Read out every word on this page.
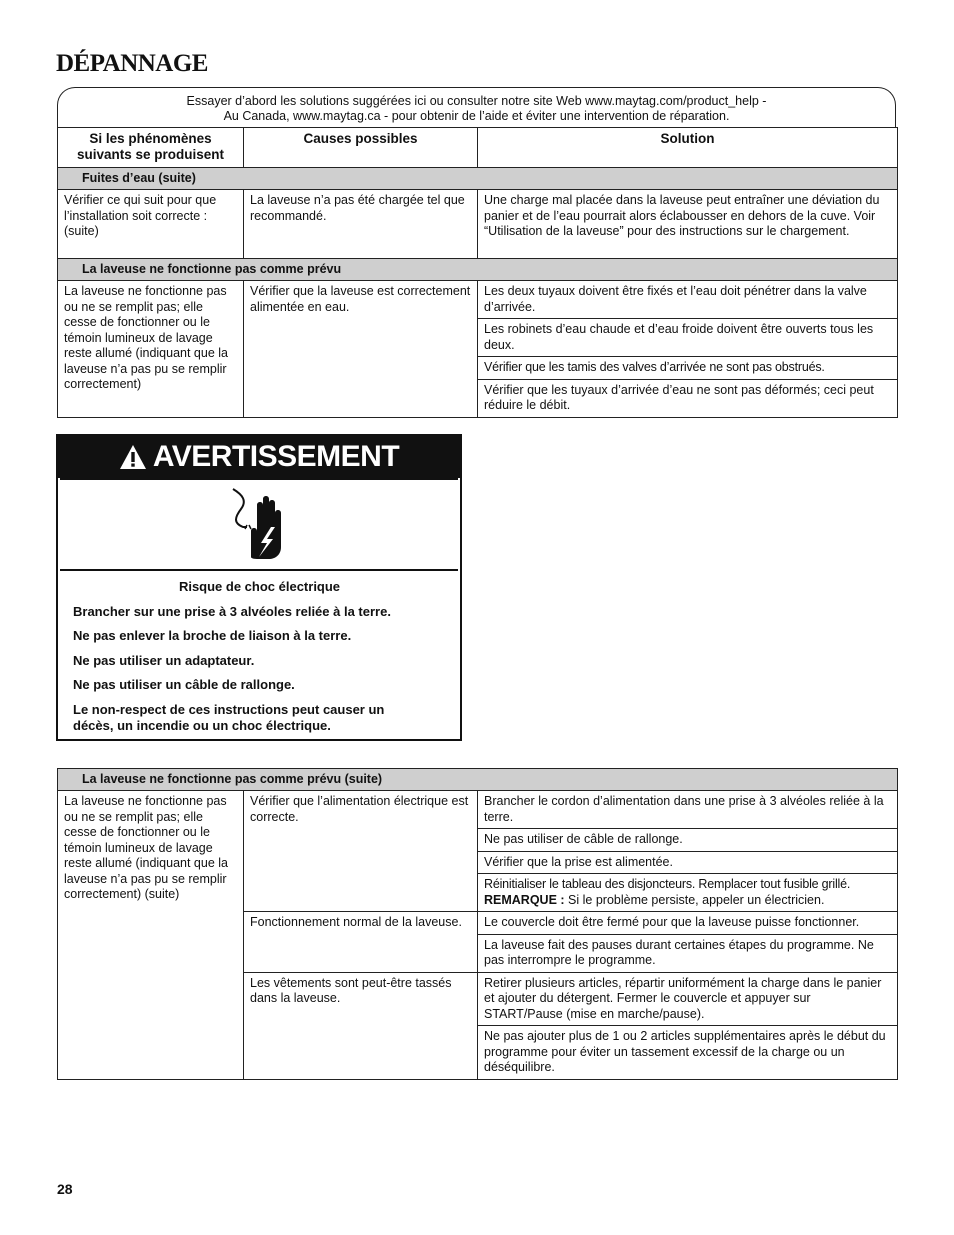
DÉPANNAGE
Essayer d’abord les solutions suggérées ici ou consulter notre site Web www.maytag.com/product_help -
Au Canada, www.maytag.ca - pour obtenir de l’aide et éviter une intervention de réparation.
Si les phénomènes
suivants se produisent	Causes possibles	Solution
Fuites d’eau (suite)		
Vérifier ce qui suit pour que l’installation soit correcte : (suite)	La laveuse n’a pas été chargée tel que recommandé.	Une charge mal placée dans la laveuse peut entraîner une déviation du panier et de l’eau pourrait alors éclabousser en dehors de la cuve. Voir “Utilisation de la laveuse” pour des instructions sur le chargement.
La laveuse ne fonctionne pas comme prévu		
La laveuse ne fonctionne pas ou ne se remplit pas; elle cesse de fonctionner ou le témoin lumineux de lavage reste allumé (indiquant que la laveuse n’a pas pu se remplir correctement)	Vérifier que la laveuse est correctement alimentée en eau.	Les deux tuyaux doivent être fixés et l’eau doit pénétrer dans la valve d’arrivée.
		Les robinets d’eau chaude et d’eau froide doivent être ouverts tous les deux.
		Vérifier que les tamis des valves d’arrivée ne sont pas obstrués.
		Vérifier que les tuyaux d’arrivée d’eau ne sont pas déformés; ceci peut réduire le débit.
AVERTISSEMENT

Risque de choc électrique

Brancher sur une prise à 3 alvéoles reliée à la terre.

Ne pas enlever la broche de liaison à la terre.

Ne pas utiliser un adaptateur.

Ne pas utiliser un câble de rallonge.

Le non-respect de ces instructions peut causer un décès, un incendie ou un choc électrique.

La laveuse ne fonctionne pas comme prévu (suite)		
La laveuse ne fonctionne pas ou ne se remplit pas; elle cesse de fonctionner ou le témoin lumineux de lavage reste allumé (indiquant que la laveuse n’a pas pu se remplir correctement) (suite)	Vérifier que l’alimentation électrique est correcte.	Brancher le cordon d’alimentation dans une prise à 3 alvéoles reliée à la terre.
		Ne pas utiliser de câble de rallonge.
		Vérifier que la prise est alimentée.
		Réinitialiser le tableau des disjoncteurs. Remplacer tout fusible grillé.
REMARQUE : Si le problème persiste, appeler un électricien.
	Fonctionnement normal de la laveuse.	Le couvercle doit être fermé pour que la laveuse puisse fonctionner.
		La laveuse fait des pauses durant certaines étapes du programme. Ne pas interrompre le programme.
	Les vêtements sont peut-être tassés dans la laveuse.	Retirer plusieurs articles, répartir uniformément la charge dans le panier et ajouter du détergent. Fermer le couvercle et appuyer sur START/Pause (mise en marche/pause).
		Ne pas ajouter plus de 1 ou 2 articles supplémentaires après le début du programme pour éviter un tassement excessif de la charge ou un déséquilibre.
28
